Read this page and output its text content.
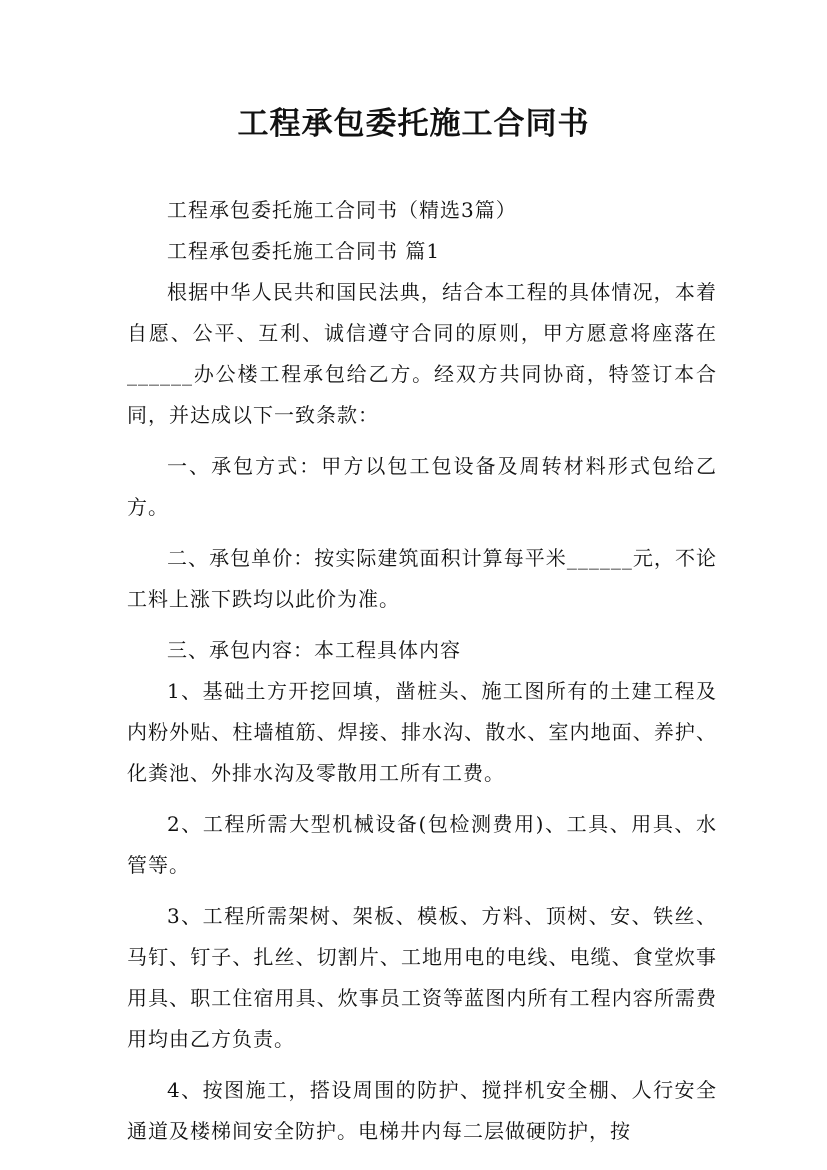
工程承包委托施工合同书

工程承包委托施工合同书（精选3篇）

工程承包委托施工合同书 篇1

根据中华人民共和国民法典，结合本工程的具体情况，本着自愿、公平、互利、诚信遵守合同的原则，甲方愿意将座落在______办公楼工程承包给乙方。经双方共同协商，特签订本合同，并达成以下一致条款：

一、承包方式：甲方以包工包设备及周转材料形式包给乙方。

二、承包单价：按实际建筑面积计算每平米______元，不论工料上涨下跌均以此价为准。

三、承包内容：本工程具体内容

1、基础土方开挖回填，凿桩头、施工图所有的土建工程及内粉外贴、柱墙植筋、焊接、排水沟、散水、室内地面、养护、化粪池、外排水沟及零散用工所有工费。

2、工程所需大型机械设备(包检测费用)、工具、用具、水管等。

3、工程所需架树、架板、模板、方料、顶树、安、铁丝、马钉、钉子、扎丝、切割片、工地用电的电线、电缆、食堂炊事用具、职工住宿用具、炊事员工资等蓝图内所有工程内容所需费用均由乙方负责。

4、按图施工，搭设周围的防护、搅拌机安全棚、人行安全通道及楼梯间安全防护。电梯井内每二层做硬防护，按
